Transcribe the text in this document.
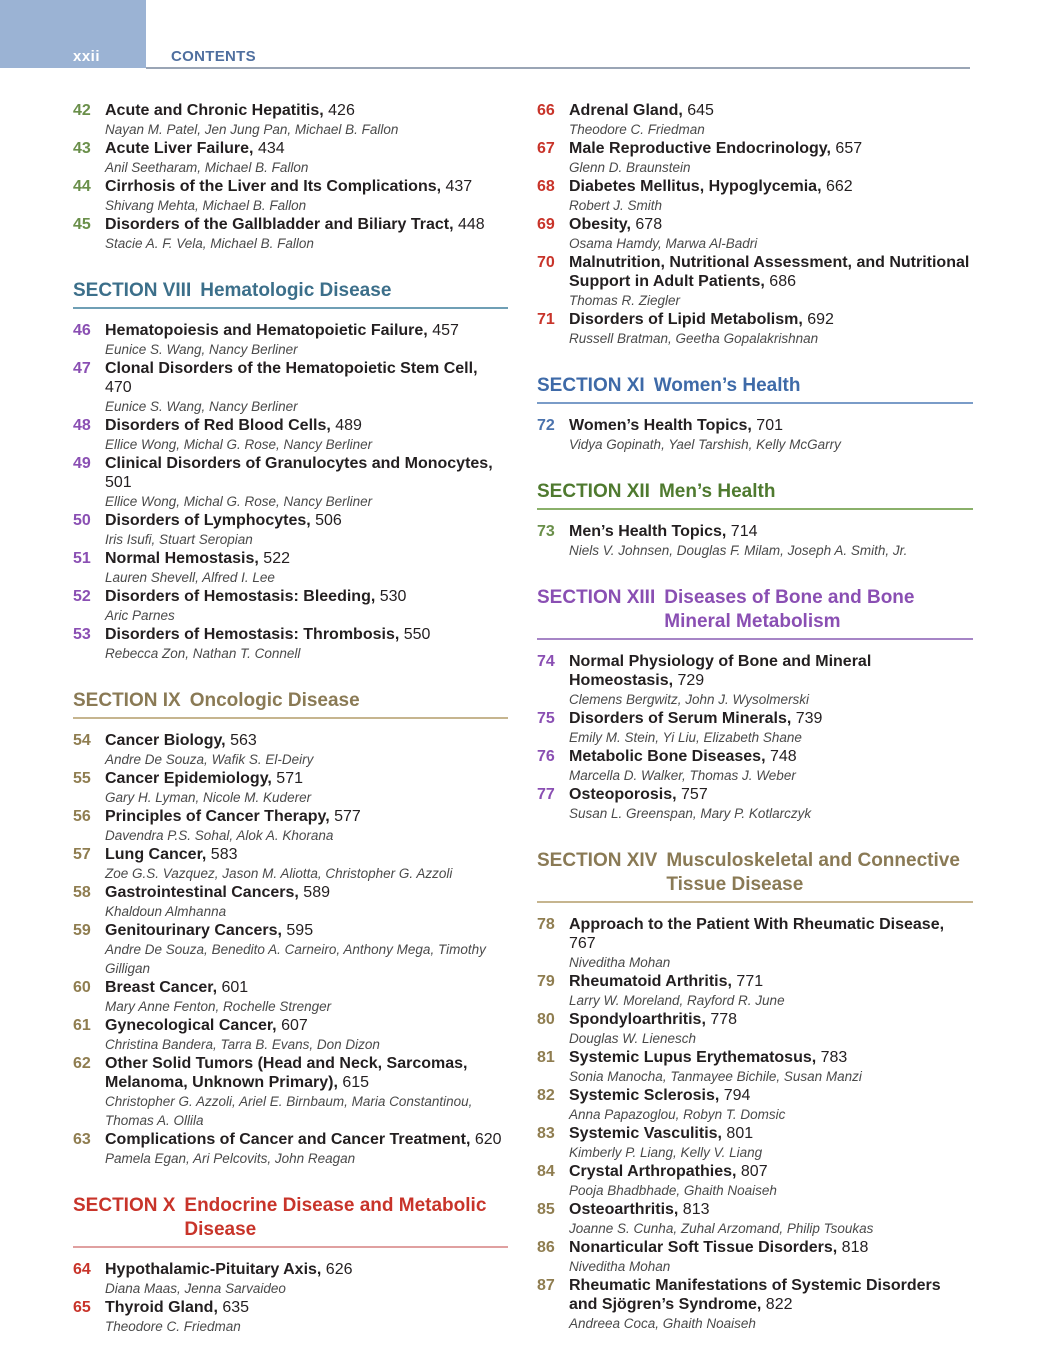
xxii	CONTENTS
42 Acute and Chronic Hepatitis, 426
Nayan M. Patel, Jen Jung Pan, Michael B. Fallon
43 Acute Liver Failure, 434
Anil Seetharam, Michael B. Fallon
44 Cirrhosis of the Liver and Its Complications, 437
Shivang Mehta, Michael B. Fallon
45 Disorders of the Gallbladder and Biliary Tract, 448
Stacie A. F. Vela, Michael B. Fallon
SECTION VIII Hematologic Disease
46 Hematopoiesis and Hematopoietic Failure, 457
Eunice S. Wang, Nancy Berliner
47 Clonal Disorders of the Hematopoietic Stem Cell, 470
Eunice S. Wang, Nancy Berliner
48 Disorders of Red Blood Cells, 489
Ellice Wong, Michal G. Rose, Nancy Berliner
49 Clinical Disorders of Granulocytes and Monocytes, 501
Ellice Wong, Michal G. Rose, Nancy Berliner
50 Disorders of Lymphocytes, 506
Iris Isufi, Stuart Seropian
51 Normal Hemostasis, 522
Lauren Shevell, Alfred I. Lee
52 Disorders of Hemostasis: Bleeding, 530
Aric Parnes
53 Disorders of Hemostasis: Thrombosis, 550
Rebecca Zon, Nathan T. Connell
SECTION IX Oncologic Disease
54 Cancer Biology, 563
Andre De Souza, Wafik S. El-Deiry
55 Cancer Epidemiology, 571
Gary H. Lyman, Nicole M. Kuderer
56 Principles of Cancer Therapy, 577
Davendra P.S. Sohal, Alok A. Khorana
57 Lung Cancer, 583
Zoe G.S. Vazquez, Jason M. Aliotta, Christopher G. Azzoli
58 Gastrointestinal Cancers, 589
Khaldoun Almhanna
59 Genitourinary Cancers, 595
Andre De Souza, Benedito A. Carneiro, Anthony Mega, Timothy Gilligan
60 Breast Cancer, 601
Mary Anne Fenton, Rochelle Strenger
61 Gynecological Cancer, 607
Christina Bandera, Tarra B. Evans, Don Dizon
62 Other Solid Tumors (Head and Neck, Sarcomas, Melanoma, Unknown Primary), 615
Christopher G. Azzoli, Ariel E. Birnbaum, Maria Constantinou, Thomas A. Ollila
63 Complications of Cancer and Cancer Treatment, 620
Pamela Egan, Ari Pelcovits, John Reagan
SECTION X Endocrine Disease and Metabolic Disease
64 Hypothalamic-Pituitary Axis, 626
Diana Maas, Jenna Sarvaideo
65 Thyroid Gland, 635
Theodore C. Friedman
66 Adrenal Gland, 645
Theodore C. Friedman
67 Male Reproductive Endocrinology, 657
Glenn D. Braunstein
68 Diabetes Mellitus, Hypoglycemia, 662
Robert J. Smith
69 Obesity, 678
Osama Hamdy, Marwa Al-Badri
70 Malnutrition, Nutritional Assessment, and Nutritional Support in Adult Patients, 686
Thomas R. Ziegler
71 Disorders of Lipid Metabolism, 692
Russell Bratman, Geetha Gopalakrishnan
SECTION XI Women’s Health
72 Women’s Health Topics, 701
Vidya Gopinath, Yael Tarshish, Kelly McGarry
SECTION XII Men’s Health
73 Men’s Health Topics, 714
Niels V. Johnsen, Douglas F. Milam, Joseph A. Smith, Jr.
SECTION XIII Diseases of Bone and Bone Mineral Metabolism
74 Normal Physiology of Bone and Mineral Homeostasis, 729
Clemens Bergwitz, John J. Wysolmerski
75 Disorders of Serum Minerals, 739
Emily M. Stein, Yi Liu, Elizabeth Shane
76 Metabolic Bone Diseases, 748
Marcella D. Walker, Thomas J. Weber
77 Osteoporosis, 757
Susan L. Greenspan, Mary P. Kotlarczyk
SECTION XIV Musculoskeletal and Connective Tissue Disease
78 Approach to the Patient With Rheumatic Disease, 767
Niveditha Mohan
79 Rheumatoid Arthritis, 771
Larry W. Moreland, Rayford R. June
80 Spondyloarthritis, 778
Douglas W. Lienesch
81 Systemic Lupus Erythematosus, 783
Sonia Manocha, Tanmayee Bichile, Susan Manzi
82 Systemic Sclerosis, 794
Anna Papazoglou, Robyn T. Domsic
83 Systemic Vasculitis, 801
Kimberly P. Liang, Kelly V. Liang
84 Crystal Arthropathies, 807
Pooja Bhadbhade, Ghaith Noaiseh
85 Osteoarthritis, 813
Joanne S. Cunha, Zuhal Arzomand, Philip Tsoukas
86 Nonarticular Soft Tissue Disorders, 818
Niveditha Mohan
87 Rheumatic Manifestations of Systemic Disorders and Sjögren’s Syndrome, 822
Andreea Coca, Ghaith Noaiseh
